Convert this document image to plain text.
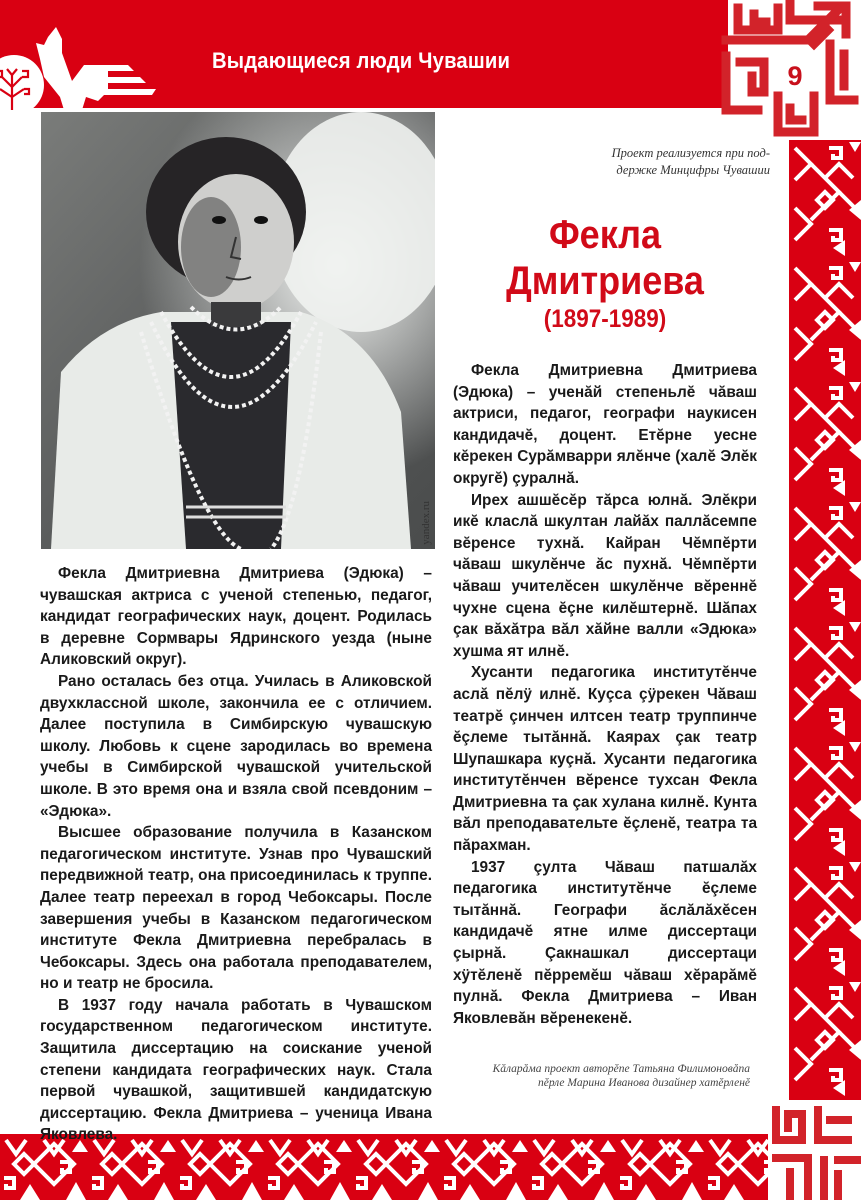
Выдающиеся люди Чувашии	9
yandex.ru
Проект реализуется при под-
держке Минцифры Чувашии
Фекла
Дмитриева
(1897-1989)

Фекла Дмитриевна Дмитриева (Эдюка) – ученăй степеньлĕ чăваш актриси, педагог, географи наукисен кандидачĕ, доцент. Етĕрне уесне кĕрекен Сурăмварри ялĕнче (халĕ Элĕк округĕ) çуралнă.

Ирех ашшĕсĕр тăрса юлнă. Элĕкри икĕ класлă шкултан лайăх паллăсемпе вĕренсе тухнă. Кайран Чĕмпĕрти чăваш шкулĕнче ăс пухнă. Чĕмпĕрти чăваш учителĕсен шкулĕнче вĕреннĕ чухне сцена ĕçне килĕштернĕ. Шăпах çак вăхăтра вăл хăйне валли «Эдюка» хушма ят илнĕ.

Хусанти педагогика институтĕнче аслă пĕлÿ илнĕ. Куçса çÿрекен Чăваш театрĕ çинчен илтсен театр труппинче ĕçлеме тытăннă. Каярах çак театр Шупашкара куçнă. Хусанти педагогика институтĕнчен вĕренсе тухсан Фекла Дмитриевна та çак хулана килнĕ. Кунта вăл преподавательте ĕçленĕ, театра та пăрахман.

1937 çулта Чăваш патшалăх педагогика институтĕнче ĕçлеме тытăннă. Географи ăслăлăхĕсен кандидачĕ ятне илме диссертаци çырнă. Çакнашкал диссертаци хÿтĕленĕ пĕрремĕш чăваш хĕрарăмĕ пулнă. Фекла Дмитриева – Иван Яковлевăн вĕренекенĕ.

Фекла Дмитриевна Дмитриева (Эдюка) – чувашская актриса с ученой степенью, педагог, кандидат географических наук, доцент. Родилась в деревне Сормвары Ядринского уезда (ныне Аликовский округ).

Рано осталась без отца. Училась в Аликовской двухклассной школе, закончила ее с отличием. Далее поступила в Симбирскую чувашскую школу. Любовь к сцене зародилась во времена учебы в Симбирской чувашской учительской школе. В это время она и взяла свой псевдоним – «Эдюка».

Высшее образование получила в Казанском педагогическом институте. Узнав про Чувашский передвижной театр, она присоединилась к труппе. Далее театр переехал в город Чебоксары. После завершения учебы в Казанском педагогическом институте Фекла Дмитриевна перебралась в Чебоксары. Здесь она работала преподавателем, но и театр не бросила.

В 1937 году начала работать в Чувашском государственном педагогическом институте. Защитила диссертацию на соискание ученой степени кандидата географических наук. Стала первой чувашкой, защитившей кандидатскую диссертацию. Фекла Дмитриева – ученица Ивана Яковлева.

Кăларăма проект авторĕпе Татьяна Филимоновăпа
пĕрле Марина Иванова дизайнер хатĕрленĕ
